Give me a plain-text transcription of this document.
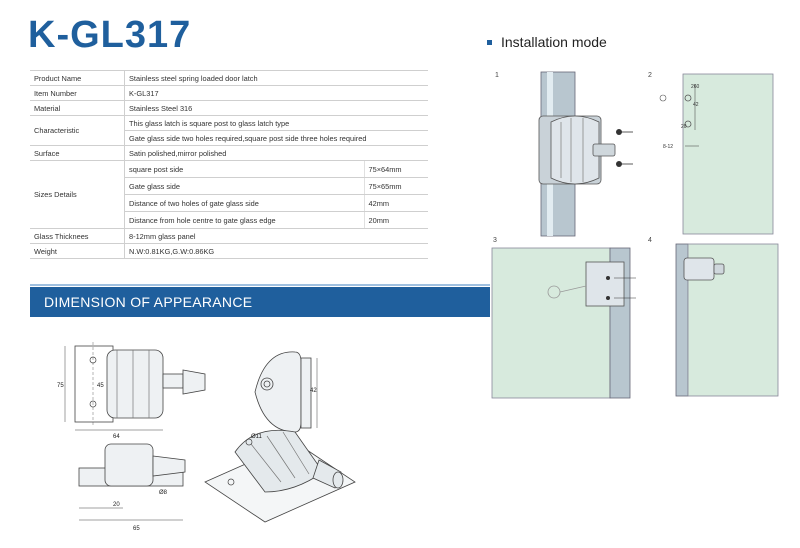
K-GL317	Installation mode
Product Name	Stainless steel spring loaded door latch	
Item Number	K-GL317	
Material	Stainless Steel 316	
Characteristic	This glass latch is square post to glass latch type	
	Gate glass side two holes required,square post side three holes required	
Surface	Satin polished,mirror polished	
Sizes Details	square post side	75×64mm
	Gate glass side	75×65mm
	Distance of two holes of gate glass side	42mm
	Distance from hole centre to gate glass edge	20mm
Glass Thicknees	8-12mm glass panel	
Weight	N.W:0.81KG,G.W:0.86KG	
DIMENSION OF APPEARANCE
1	2
3	4
260
42
20
8-12
75	45
64
42
20
65
Ø8
Ø11
